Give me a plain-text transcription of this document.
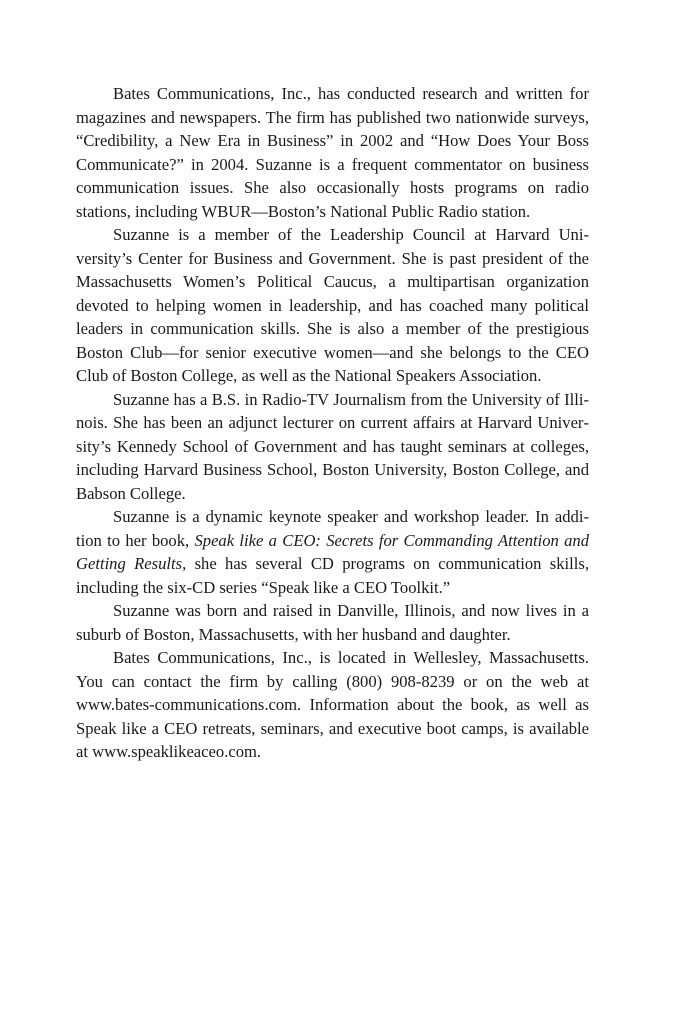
Bates Communications, Inc., has conducted research and written for magazines and newspapers. The firm has published two nationwide surveys, “Credibility, a New Era in Business” in 2002 and “How Does Your Boss Communicate?” in 2004. Suzanne is a frequent commentator on business communication issues. She also occasionally hosts programs on radio stations, including WBUR—Boston’s National Public Radio station.

Suzanne is a member of the Leadership Council at Harvard University’s Center for Business and Government. She is past president of the Massachusetts Women’s Political Caucus, a multipartisan organization devoted to helping women in leadership, and has coached many political leaders in communication skills. She is also a member of the prestigious Boston Club—for senior executive women—and she belongs to the CEO Club of Boston College, as well as the National Speakers Association.

Suzanne has a B.S. in Radio-TV Journalism from the University of Illinois. She has been an adjunct lecturer on current affairs at Harvard University’s Kennedy School of Government and has taught seminars at colleges, including Harvard Business School, Boston University, Boston College, and Babson College.

Suzanne is a dynamic keynote speaker and workshop leader. In addition to her book, Speak like a CEO: Secrets for Commanding Attention and Getting Results, she has several CD programs on communication skills, including the six-CD series “Speak like a CEO Toolkit.”

Suzanne was born and raised in Danville, Illinois, and now lives in a suburb of Boston, Massachusetts, with her husband and daughter.

Bates Communications, Inc., is located in Wellesley, Massachusetts. You can contact the firm by calling (800) 908-8239 or on the web at www.bates-communications.com. Information about the book, as well as Speak like a CEO retreats, seminars, and executive boot camps, is available at www.speaklikeaceo.com.
